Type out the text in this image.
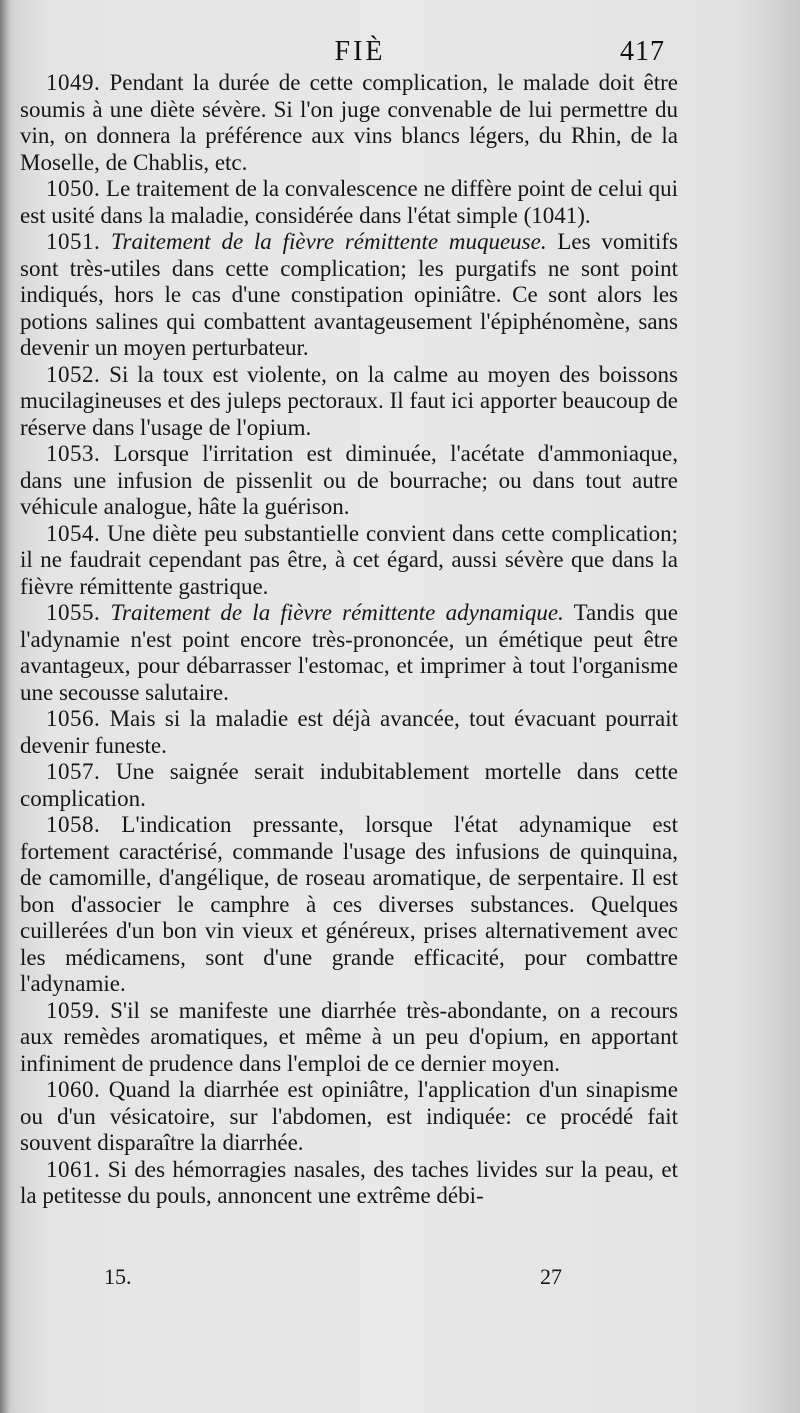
FIÈ	417

1049. Pendant la durée de cette complication, le malade doit être soumis à une diète sévère. Si l'on juge convenable de lui permettre du vin, on donnera la préférence aux vins blancs légers, du Rhin, de la Moselle, de Chablis, etc.

1050. Le traitement de la convalescence ne diffère point de celui qui est usité dans la maladie, considérée dans l'état simple (1041).

1051. Traitement de la fièvre rémittente muqueuse. Les vomitifs sont très-utiles dans cette complication; les purgatifs ne sont point indiqués, hors le cas d'une constipation opiniâtre. Ce sont alors les potions salines qui combattent avantageusement l'épiphénomène, sans devenir un moyen perturbateur.

1052. Si la toux est violente, on la calme au moyen des boissons mucilagineuses et des juleps pectoraux. Il faut ici apporter beaucoup de réserve dans l'usage de l'opium.

1053. Lorsque l'irritation est diminuée, l'acétate d'ammoniaque, dans une infusion de pissenlit ou de bourrache; ou dans tout autre véhicule analogue, hâte la guérison.

1054. Une diète peu substantielle convient dans cette complication; il ne faudrait cependant pas être, à cet égard, aussi sévère que dans la fièvre rémittente gastrique.

1055. Traitement de la fièvre rémittente adynamique. Tandis que l'adynamie n'est point encore très-prononcée, un émétique peut être avantageux, pour débarrasser l'estomac, et imprimer à tout l'organisme une secousse salutaire.

1056. Mais si la maladie est déjà avancée, tout évacuant pourrait devenir funeste.

1057. Une saignée serait indubitablement mortelle dans cette complication.

1058. L'indication pressante, lorsque l'état adynamique est fortement caractérisé, commande l'usage des infusions de quinquina, de camomille, d'angélique, de roseau aromatique, de serpentaire. Il est bon d'associer le camphre à ces diverses substances. Quelques cuillerées d'un bon vin vieux et généreux, prises alternativement avec les médicamens, sont d'une grande efficacité, pour combattre l'adynamie.

1059. S'il se manifeste une diarrhée très-abondante, on a recours aux remèdes aromatiques, et même à un peu d'opium, en apportant infiniment de prudence dans l'emploi de ce dernier moyen.

1060. Quand la diarrhée est opiniâtre, l'application d'un sinapisme ou d'un vésicatoire, sur l'abdomen, est indiquée: ce procédé fait souvent disparaître la diarrhée.

1061. Si des hémorragies nasales, des taches livides sur la peau, et la petitesse du pouls, annoncent une extrême débi-

15.	27
